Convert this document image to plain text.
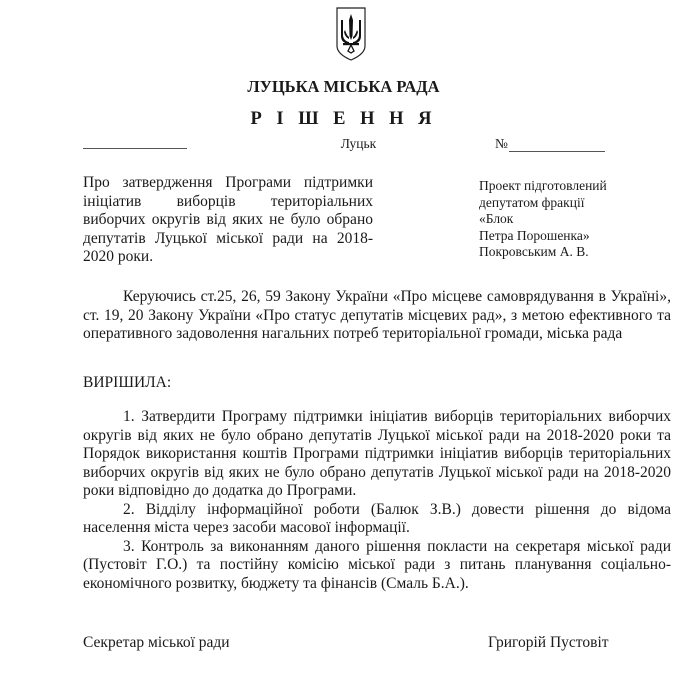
ЛУЦЬКА МІСЬКА РАДА
Р І Ш Е Н Н Я
Луцьк	№
Про затвердження Програми підтримки ініціатив виборців територіальних виборчих округів від яких не було обрано депутатів Луцької міської ради на 2018-2020 роки.
Проект підготовлений
депутатом фракції
«Блок
Петра Порошенка»
Покровським А. В.
Керуючись ст.25, 26, 59 Закону України «Про місцеве самоврядування в Україні», ст. 19, 20 Закону України «Про статус депутатів місцевих рад», з метою ефективного та оперативного задоволення нагальних потреб територіальної громади, міська рада
ВИРІШИЛА:

1. Затвердити Програму підтримки ініціатив виборців територіальних виборчих округів від яких не було обрано депутатів Луцької міської ради на 2018-2020 роки та Порядок використання коштів Програми підтримки ініціатив виборців територіальних виборчих округів від яких не було обрано депутатів Луцької міської ради на 2018-2020 роки відповідно до додатка до Програми.

2. Відділу інформаційної роботи (Балюк З.В.) довести рішення до відома населення міста через засоби масової інформації.

3. Контроль за виконанням даного рішення покласти на секретаря міської ради (Пустовіт Г.О.) та постійну комісію міської ради з питань планування соціально-економічного розвитку, бюджету та фінансів (Смаль Б.А.).

Секретар міської ради	Григорій Пустовіт
